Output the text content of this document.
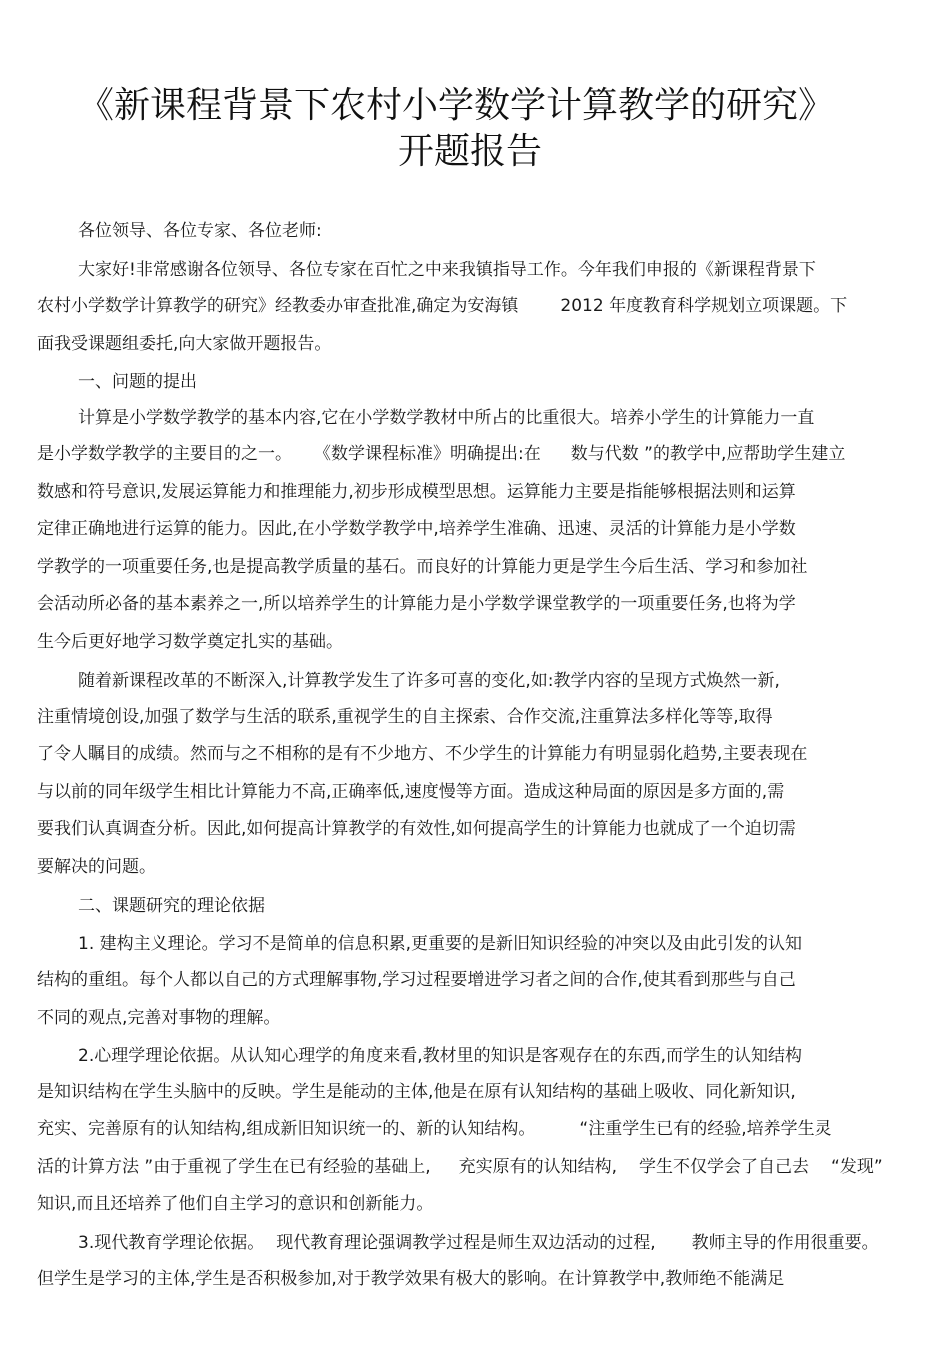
《新课程背景下农村小学数学计算教学的研究》
开题报告
各位领导、各位专家、各位老师:
大家好!非常感谢各位领导、各位专家在百忙之中来我镇指导工作。今年我们申报的《新课程背景下
农村小学数学计算教学的研究》经教委办审查批准,确定为安海镇 2012 年度教育科学规划立项课题。下
面我受课题组委托,向大家做开题报告。
一、问题的提出
计算是小学数学教学的基本内容,它在小学数学教材中所占的比重很大。培养小学生的计算能力一直
是小学数学教学的主要目的之一。 《数学课程标准》明确提出:在 数与代数 ”的教学中,应帮助学生建立
数感和符号意识,发展运算能力和推理能力,初步形成模型思想。运算能力主要是指能够根据法则和运算
定律正确地进行运算的能力。因此,在小学数学教学中,培养学生准确、迅速、灵活的计算能力是小学数
学教学的一项重要任务,也是提高教学质量的基石。而良好的计算能力更是学生今后生活、学习和参加社
会活动所必备的基本素养之一,所以培养学生的计算能力是小学数学课堂教学的一项重要任务,也将为学
生今后更好地学习数学奠定扎实的基础。
随着新课程改革的不断深入,计算教学发生了许多可喜的变化,如:教学内容的呈现方式焕然一新,
注重情境创设,加强了数学与生活的联系,重视学生的自主探索、合作交流,注重算法多样化等等,取得
了令人瞩目的成绩。然而与之不相称的是有不少地方、不少学生的计算能力有明显弱化趋势,主要表现在
与以前的同年级学生相比计算能力不高,正确率低,速度慢等方面。造成这种局面的原因是多方面的,需
要我们认真调查分析。因此,如何提高计算教学的有效性,如何提高学生的计算能力也就成了一个迫切需
要解决的问题。
二、课题研究的理论依据
1. 建构主义理论。学习不是简单的信息积累,更重要的是新旧知识经验的冲突以及由此引发的认知
结构的重组。每个人都以自己的方式理解事物,学习过程要增进学习者之间的合作,使其看到那些与自己
不同的观点,完善对事物的理解。
2.心理学理论依据。从认知心理学的角度来看,教材里的知识是客观存在的东西,而学生的认知结构
是知识结构在学生头脑中的反映。学生是能动的主体,他是在原有认知结构的基础上吸收、同化新知识,
充实、完善原有的认知结构,组成新旧知识统一的、新的认知结构。	“注重学生已有的经验,培养学生灵
活的计算方法 ”由于重视了学生在已有经验的基础上, 充实原有的认知结构, 学生不仅学会了自己去 “发现”
知识,而且还培养了他们自主学习的意识和创新能力。
3.现代教育学理论依据。 现代教育理论强调教学过程是师生双边活动的过程, 教师主导的作用很重要。
但学生是学习的主体,学生是否积极参加,对于教学效果有极大的影响。在计算教学中,教师绝不能满足
